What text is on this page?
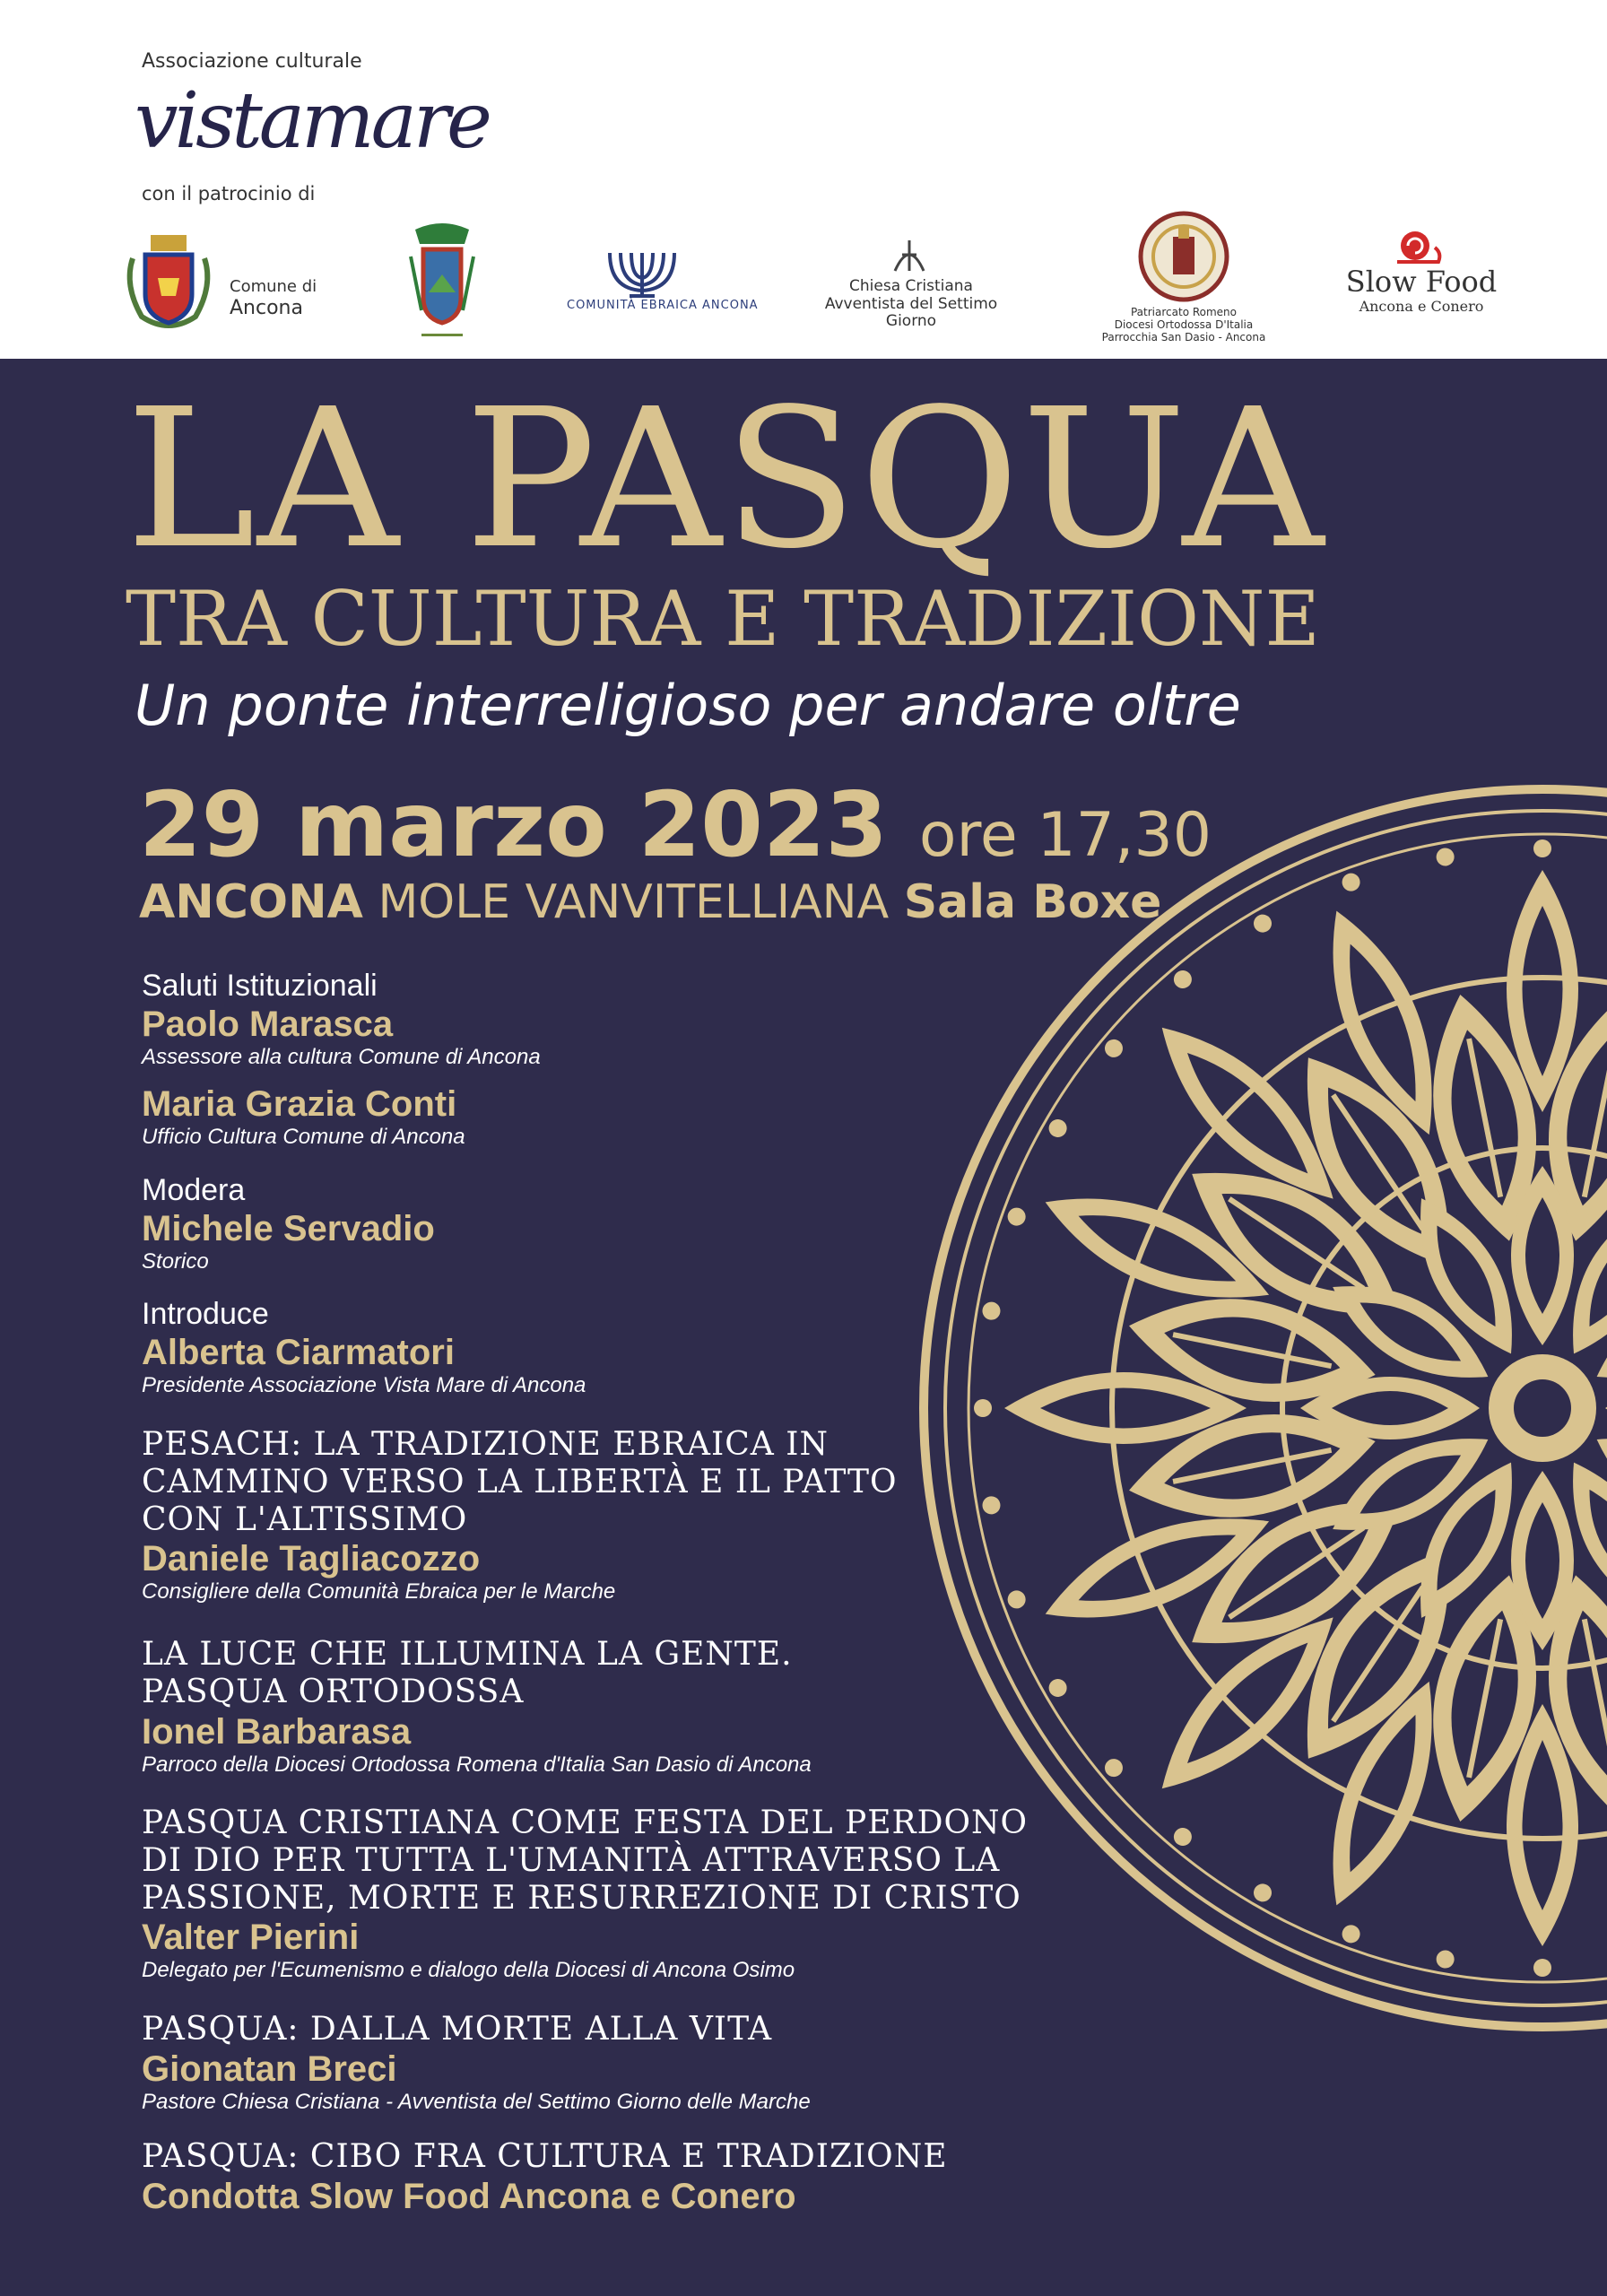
Associazione culturale
vistamare
con il patrocinio di
Comune di
Ancona	COMUNITÀ EBRAICA ANCONA
Chiesa Cristiana
Avventista del Settimo Giorno
Patriarcato Romeno
Diocesi Ortodossa D'Italia
Parrocchia San Dasio - Ancona
Slow Food
Ancona e Conero
LA PASQUA
TRA CULTURA E TRADIZIONE
Un ponte interreligioso per andare oltre
29 marzo 2023 ore 17,30
ANCONA MOLE VANVITELLIANA Sala Boxe
Saluti Istituzionali
Paolo Marasca
Assessore alla cultura Comune di Ancona
Maria Grazia Conti
Ufficio Cultura Comune di Ancona
Modera
Michele Servadio
Storico
Introduce
Alberta Ciarmatori
Presidente Associazione Vista Mare di Ancona
PESACH: LA TRADIZIONE EBRAICA IN
CAMMINO VERSO LA LIBERTÀ E IL PATTO
CON L'ALTISSIMO
Daniele Tagliacozzo
Consigliere della Comunità Ebraica per le Marche
LA LUCE CHE ILLUMINA LA GENTE.
PASQUA ORTODOSSA
Ionel Barbarasa
Parroco della Diocesi Ortodossa Romena d'Italia San Dasio di Ancona
PASQUA CRISTIANA COME FESTA DEL PERDONO
DI DIO PER TUTTA L'UMANITÀ ATTRAVERSO LA
PASSIONE, MORTE E RESURREZIONE DI CRISTO
Valter Pierini
Delegato per l'Ecumenismo e dialogo della Diocesi di Ancona Osimo
PASQUA: DALLA MORTE ALLA VITA
Gionatan Breci
Pastore Chiesa Cristiana - Avventista del Settimo Giorno delle Marche
PASQUA: CIBO FRA CULTURA E TRADIZIONE
Condotta Slow Food Ancona e Conero
